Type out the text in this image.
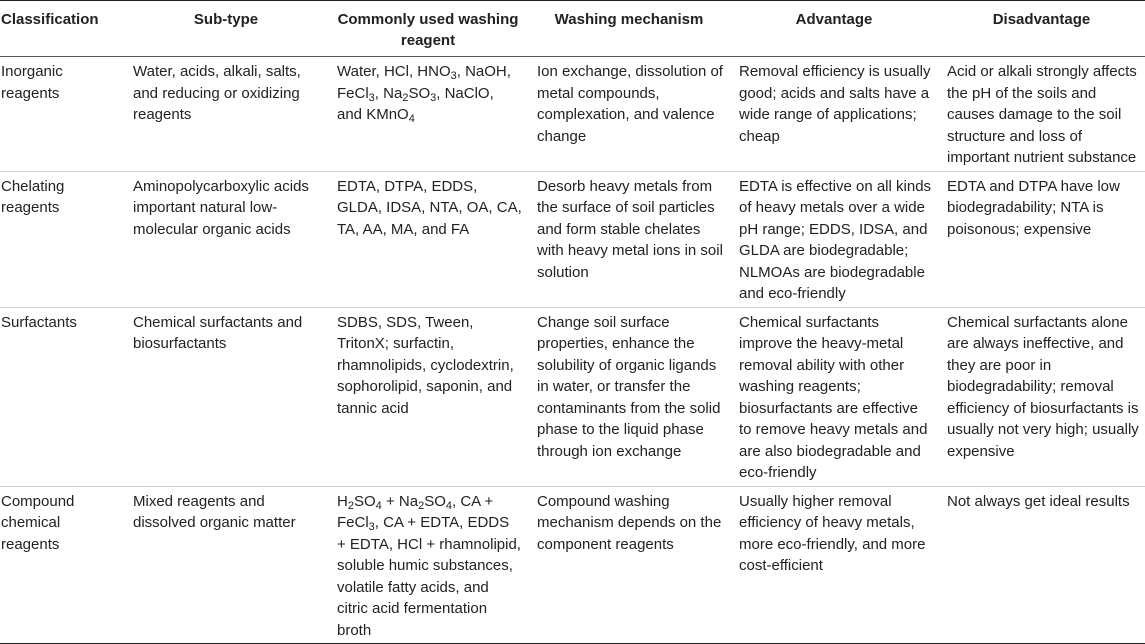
Classification	Sub-type	Commonly used washing reagent	Washing mechanism	Advantage	Disadvantage
Inorganic reagents	Water, acids, alkali, salts, and reducing or oxidizing reagents	Water, HCl, $HNO_3$, NaOH, FeCl$_3$, $Na_2SO_3$, NaClO, and KMnO$_4$	Ion exchange, dissolution of metal compounds, complexation, and valence change	Removal efficiency is usually good; acids and salts have a wide range of applications; cheap	Acid or alkali strongly affects the pH of the soils and causes damage to the soil structure and loss of important nutrient substance
Chelating reagents	Aminopolycarboxylic acids important natural low-molecular organic acids	EDTA, DTPA, EDDS, GLDA, IDSA, NTA, OA, CA, TA, AA, MA, and FA	Desorb heavy metals from the surface of soil particles and form stable chelates with heavy metal ions in soil solution	EDTA is effective on all kinds of heavy metals over a wide pH range; EDDS, IDSA, and GLDA are biodegradable; NLMOAs are biodegradable and eco-friendly	EDTA and DTPA have low biodegradability; NTA is poisonous; expensive
Surfactants	Chemical surfactants and biosurfactants	SDBS, SDS, Tween, TritonX; surfactin, rhamnolipids, cyclodextrin, sophorolipid, saponin, and tannic acid	Change soil surface properties, enhance the solubility of organic ligands in water, or transfer the contaminants from the solid phase to the liquid phase through ion exchange	Chemical surfactants improve the heavy-metal removal ability with other washing reagents; biosurfactants are effective to remove heavy metals and are also biodegradable and eco-friendly	Chemical surfactants alone are always ineffective, and they are poor in biodegradability; removal efficiency of biosurfactants is usually not very high; usually expensive
Compound chemical reagents	Mixed reagents and dissolved organic matter	$H_2SO_4 + Na_2SO_4$, CA + FeCl$_3$, CA + EDTA, EDDS + EDTA, HCl + rhamnolipid, soluble humic substances, volatile fatty acids, and citric acid fermentation broth	Compound washing mechanism depends on the component reagents	Usually higher removal efficiency of heavy metals, more eco-friendly, and more cost-efficient	Not always get ideal results
